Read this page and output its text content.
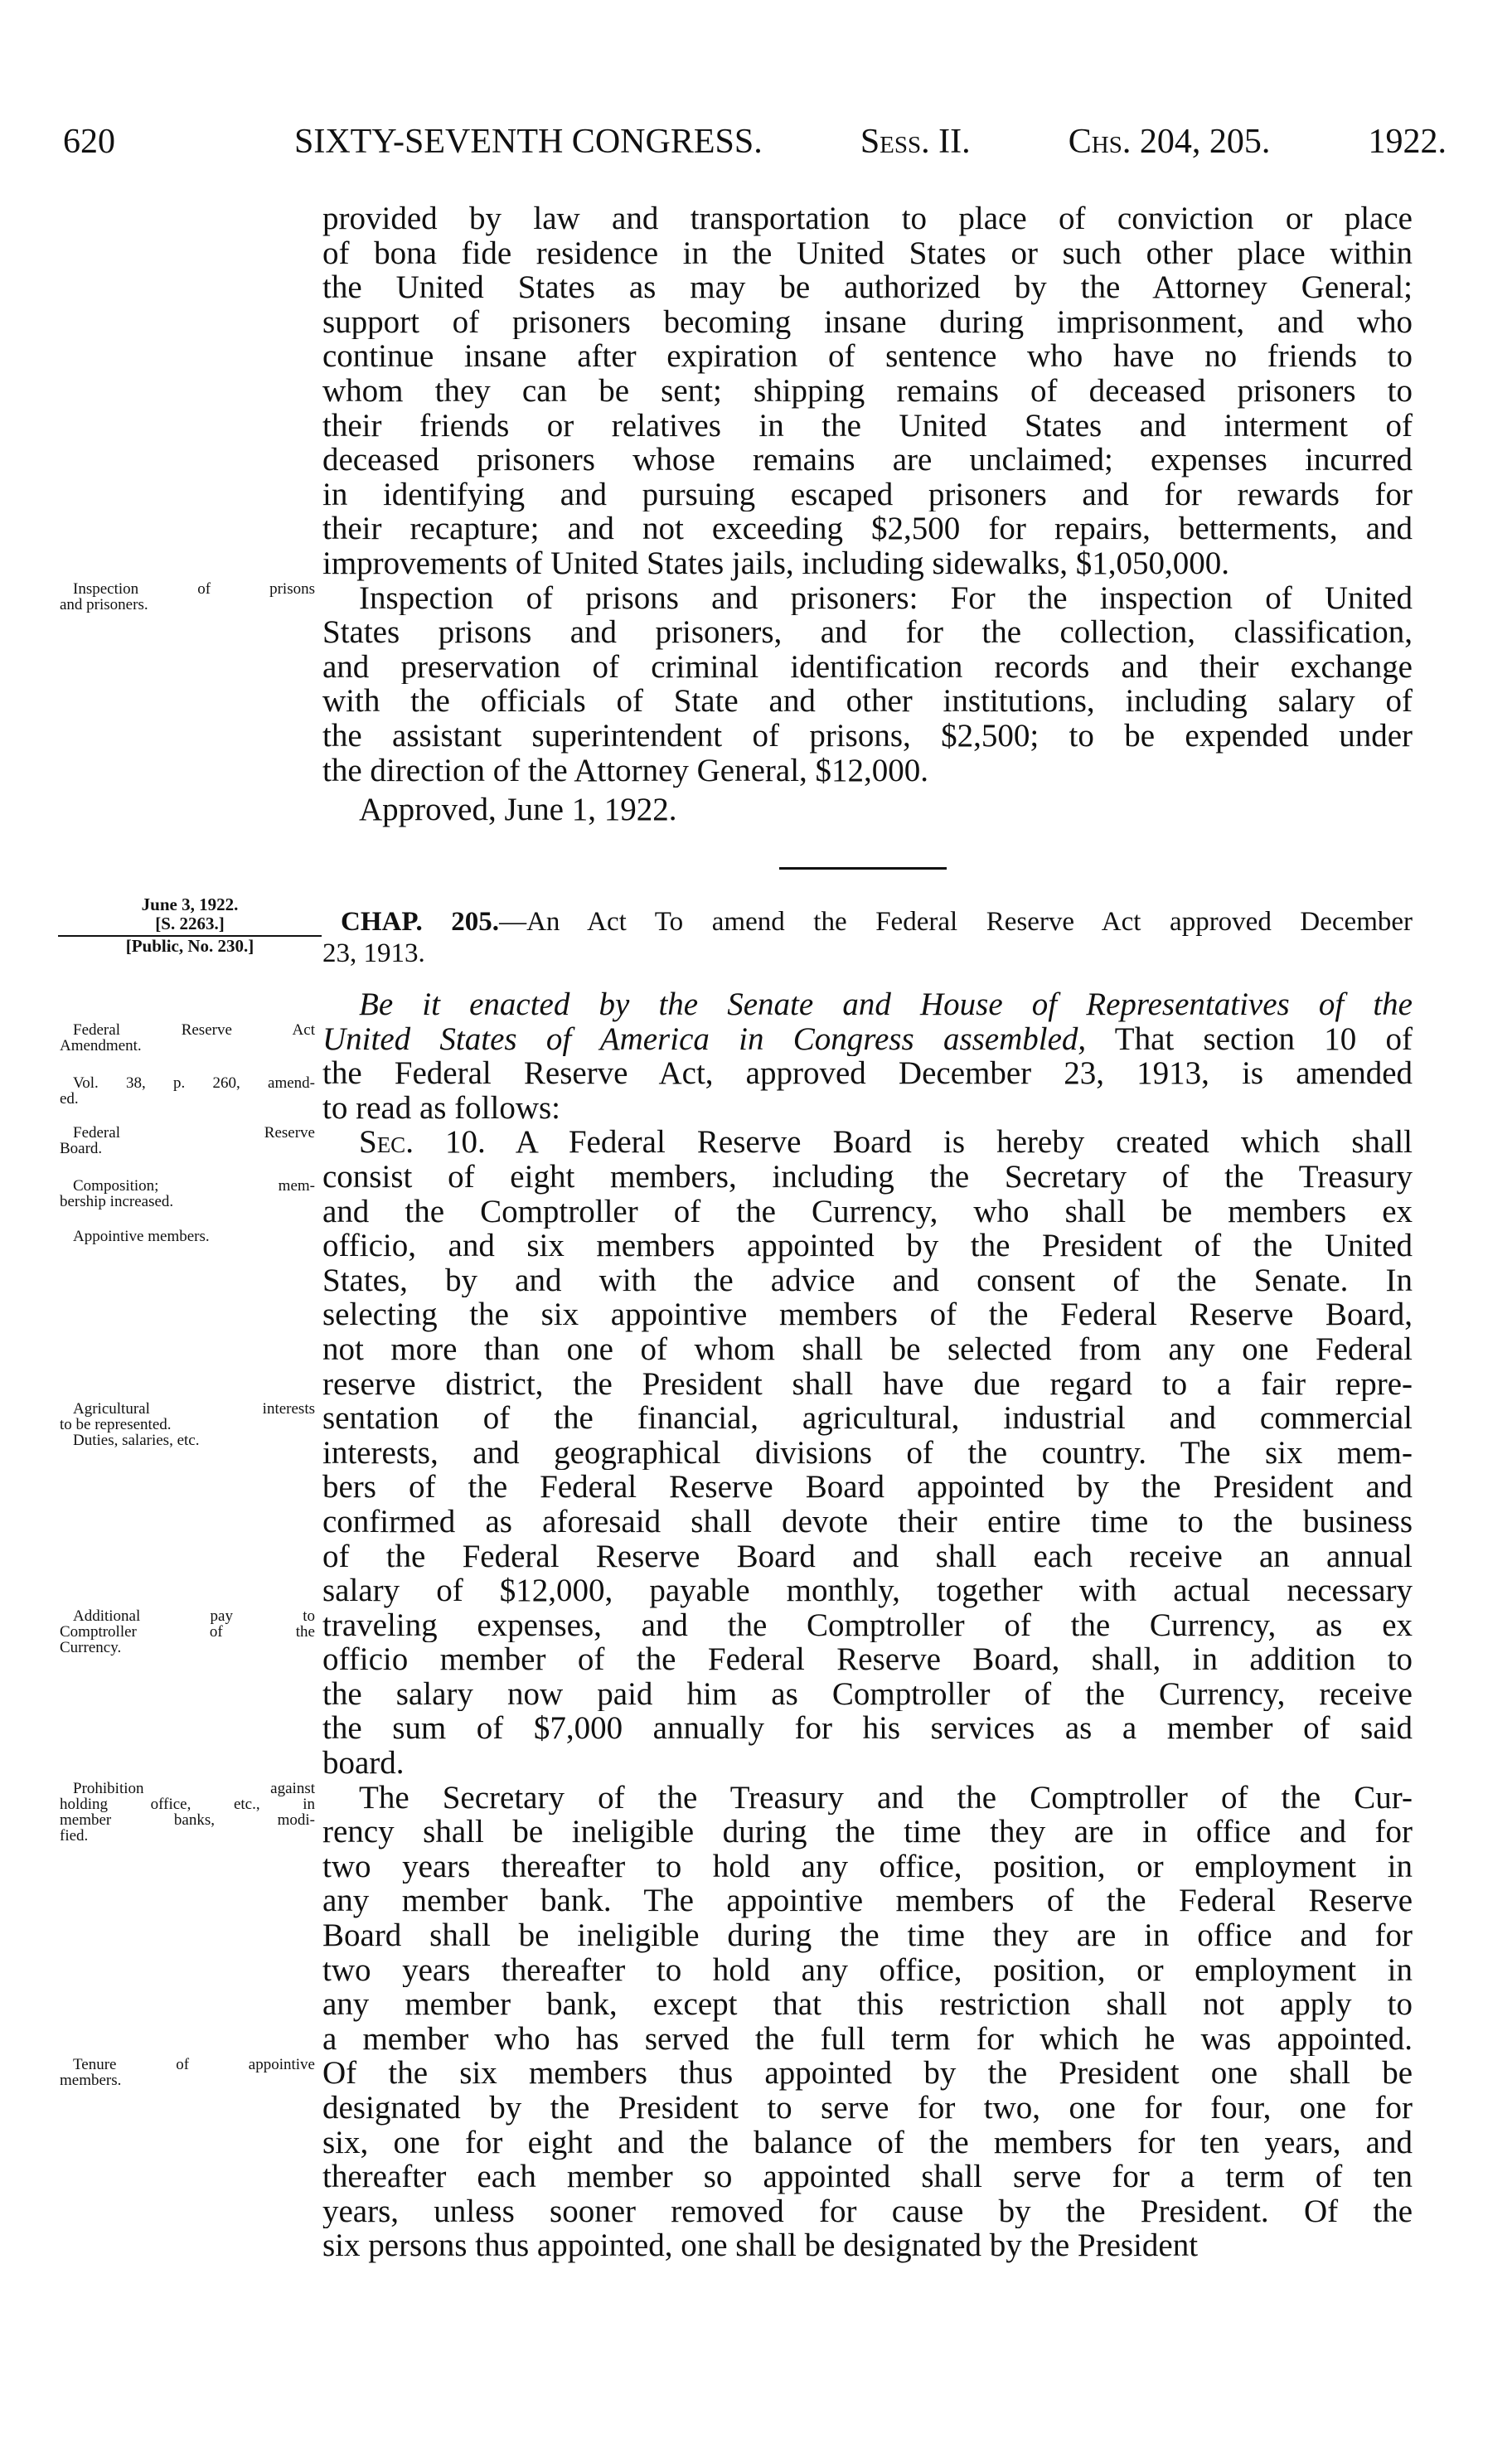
620	SIXTY-SEVENTH CONGRESS.	Sess. II.	Chs. 204, 205.	1922.
provided by law and transportation to place of conviction or place
of bona fide residence in the United States or such other place within
the United States as may be authorized by the Attorney General;
support of prisoners becoming insane during imprisonment, and who
continue insane after expiration of sentence who have no friends to
whom they can be sent; shipping remains of deceased prisoners to
their friends or relatives in the United States and interment of
deceased prisoners whose remains are unclaimed; expenses incurred
in identifying and pursuing escaped prisoners and for rewards for
their recapture; and not exceeding $2,500 for repairs, betterments, and
improvements of United States jails, including sidewalks, $1,050,000.
Inspection of prisons and prisoners: For the inspection of United
States prisons and prisoners, and for the collection, classification,
and preservation of criminal identification records and their exchange
with the officials of State and other institutions, including salary of
the assistant superintendent of prisons, $2,500; to be expended under
the direction of the Attorney General, $12,000.
Approved, June 1, 1922.
June 3, 1922.
[S. 2263.]
[Public, No. 230.]
CHAP. 205.—An Act To amend the Federal Reserve Act approved December
23, 1913.
Be it enacted by the Senate and House of Representatives of the
United States of America in Congress assembled, That section 10 of
the Federal Reserve Act, approved December 23, 1913, is amended
to read as follows:
Sec. 10. A Federal Reserve Board is hereby created which shall
consist of eight members, including the Secretary of the Treasury
and the Comptroller of the Currency, who shall be members ex
officio, and six members appointed by the President of the United
States, by and with the advice and consent of the Senate. In
selecting the six appointive members of the Federal Reserve Board,
not more than one of whom shall be selected from any one Federal
reserve district, the President shall have due regard to a fair repre-
sentation of the financial, agricultural, industrial and commercial
interests, and geographical divisions of the country. The six mem-
bers of the Federal Reserve Board appointed by the President and
confirmed as aforesaid shall devote their entire time to the business
of the Federal Reserve Board and shall each receive an annual
salary of $12,000, payable monthly, together with actual necessary
traveling expenses, and the Comptroller of the Currency, as ex
officio member of the Federal Reserve Board, shall, in addition to
the salary now paid him as Comptroller of the Currency, receive
the sum of $7,000 annually for his services as a member of said
board.
The Secretary of the Treasury and the Comptroller of the Cur-
rency shall be ineligible during the time they are in office and for
two years thereafter to hold any office, position, or employment in
any member bank. The appointive members of the Federal Reserve
Board shall be ineligible during the time they are in office and for
two years thereafter to hold any office, position, or employment in
any member bank, except that this restriction shall not apply to
a member who has served the full term for which he was appointed.
Of the six members thus appointed by the President one shall be
designated by the President to serve for two, one for four, one for
six, one for eight and the balance of the members for ten years, and
thereafter each member so appointed shall serve for a term of ten
years, unless sooner removed for cause by the President. Of the
six persons thus appointed, one shall be designated by the President
Inspection of prisons
and prisoners.
Federal Reserve Act
Amendment.
Vol. 38, p. 260, amend-
ed.
Federal Reserve
Board.
Composition; mem-
bership increased.
Appointive members.
Agricultural interests
to be represented.
Duties, salaries, etc.
Additional pay to
Comptroller of the
Currency.
Prohibition against
holding office, etc., in
member banks, modi-
fied.
Tenure of appointive
members.
